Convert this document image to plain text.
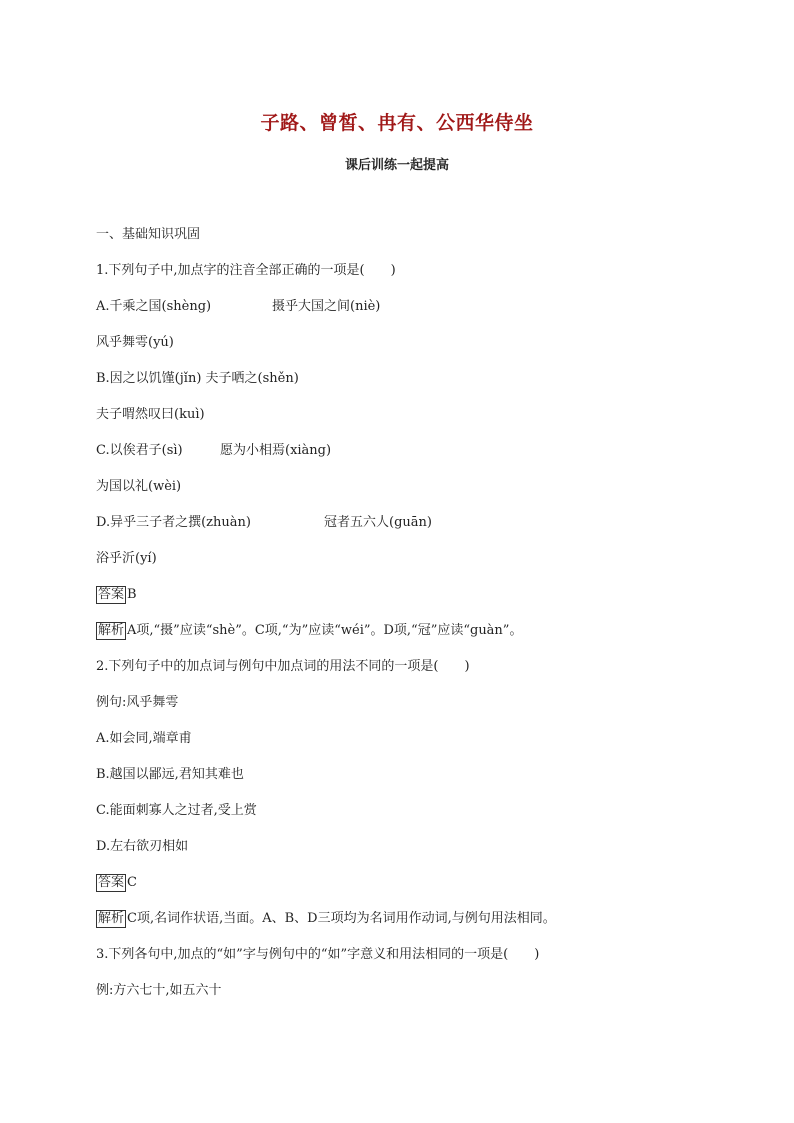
子路、曾皙、冉有、公西华侍坐
课后训练一起提高
一、基础知识巩固
1.下列句子中,加点字的注音全部正确的一项是(　　)
A.千乘之国(shèng)	摄乎大国之间(niè)
风乎舞雩(yú)
B.因之以饥馑(jǐn) 夫子哂之(shěn)
夫子喟然叹曰(kuì)
C.以俟君子(sì)	愿为小相焉(xiàng)
为国以礼(wèi)
D.异乎三子者之撰(zhuàn)	冠者五六人(guān)
浴乎沂(yí)
答案 B
解析 A项,“摄”应读“shè”。C项,“为”应读“wéi”。D项,“冠”应读“guàn”。
2.下列句子中的加点词与例句中加点词的用法不同的一项是(　　)
例句:风乎舞雩
A.如会同,端章甫
B.越国以鄙远,君知其难也
C.能面刺寡人之过者,受上赏
D.左右欲刃相如
答案 C
解析 C项,名词作状语,当面。A、B、D三项均为名词用作动词,与例句用法相同。
3.下列各句中,加点的“如”字与例句中的“如”字意义和用法相同的一项是(　　)
例:方六七十,如五六十
